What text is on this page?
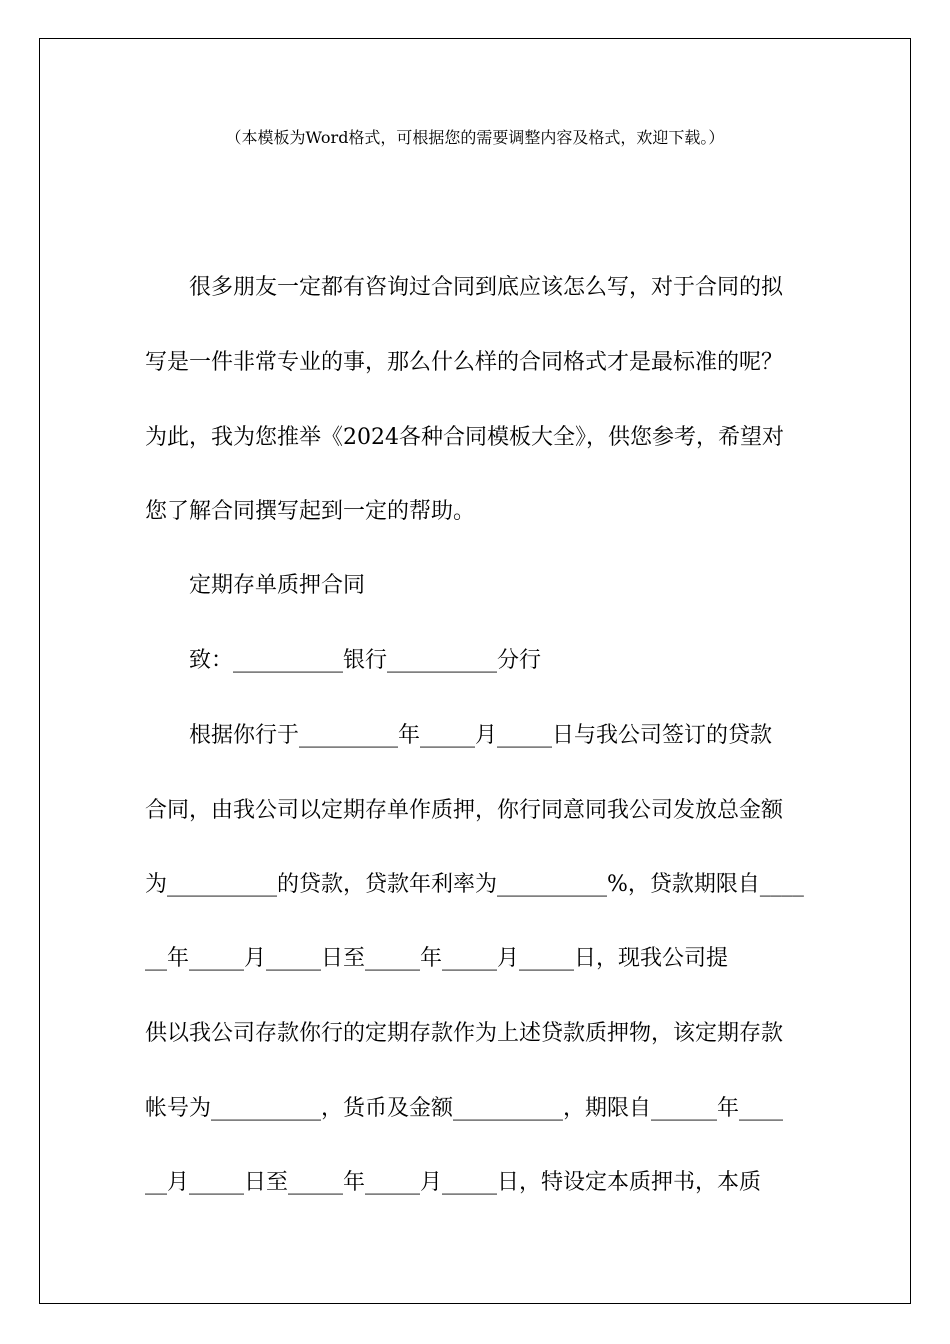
（本模板为Word格式，可根据您的需要调整内容及格式，欢迎下载。）
很多朋友一定都有咨询过合同到底应该怎么写，对于合同的拟
写是一件非常专业的事，那么什么样的合同格式才是最标准的呢？
为此，我为您推举《2024各种合同模板大全》，供您参考，希望对
您了解合同撰写起到一定的帮助。
定期存单质押合同
致：__________银行__________分行
根据你行于_________年_____月_____日与我公司签订的贷款
合同，由我公司以定期存单作质押，你行同意同我公司发放总金额
为__________的贷款，贷款年利率为__________%，贷款期限自____
__年_____月_____日至_____年_____月_____日，现我公司提
供以我公司存款你行的定期存款作为上述贷款质押物，该定期存款
帐号为__________，货币及金额__________，期限自______年____
__月_____日至_____年_____月_____日，特设定本质押书，本质
